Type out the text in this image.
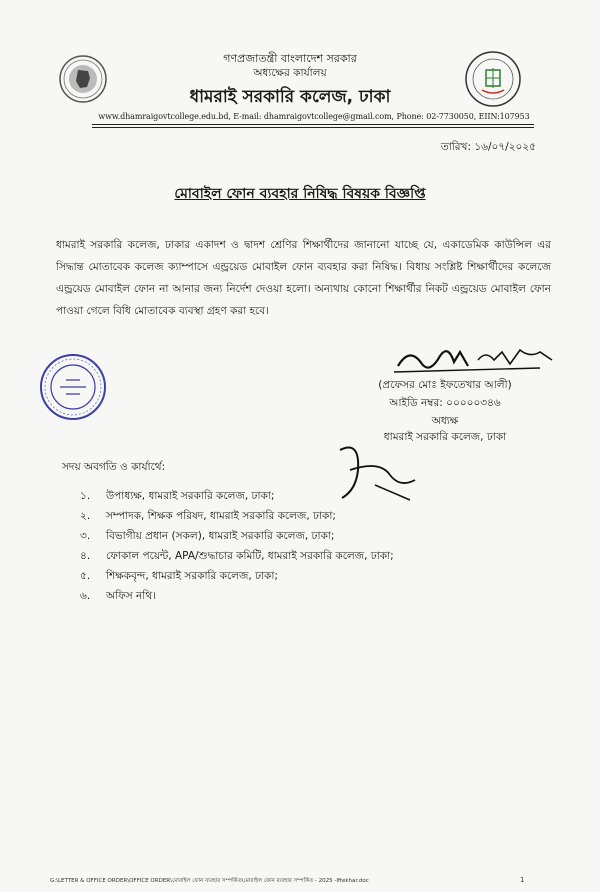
গণপ্রজাতন্ত্রী বাংলাদেশ সরকার
অধ্যক্ষের কার্যালয়
ধামরাই সরকারি কলেজ, ঢাকা
www.dhamraigovtcollege.edu.bd, E-mail: dhamraigovtcollege@gmail.com, Phone: 02-7730050, EIIN:107953
তারিখ: ১৬/০৭/২০২৫
মোবাইল ফোন ব্যবহার নিষিদ্ধ বিষয়ক বিজ্ঞপ্তি
ধামরাই সরকারি কলেজ, ঢাকার একাদশ ও দ্বাদশ শ্রেণির শিক্ষার্থীদের জানানো যাচ্ছে যে, একাডেমিক কাউন্সিল এর সিদ্ধান্ত মোতাবেক কলেজ ক্যাম্পাসে এন্ড্রয়েড মোবাইল ফোন ব্যবহার করা নিষিদ্ধ। বিধায় সংশ্লিষ্ট শিক্ষার্থীদের কলেজে এন্ড্রয়েড মোবাইল ফোন না আনার জন্য নির্দেশ দেওয়া হলো। অন্যথায় কোনো শিক্ষার্থীর নিকট এন্ড্রয়েড মোবাইল ফোন পাওয়া গেলে বিধি মোতাবেক ব্যবস্থা গ্রহণ করা হবে।
(প্রফেসর মোঃ ইফতেখার আলী)
আইডি নম্বর: ০০০০০৩৪৬
অধ্যক্ষ
ধামরাই সরকারি কলেজ, ঢাকা
সদয় অবগতি ও কার্যার্থে:
১. উপাধ্যক্ষ, ধামরাই সরকারি কলেজ, ঢাকা;
২. সম্পাদক, শিক্ষক পরিষদ, ধামরাই সরকারি কলেজ, ঢাকা;
৩. বিভাগীয় প্রধান (সকল), ধামরাই সরকারি কলেজ, ঢাকা;
৪. ফোকাল পয়েন্ট, APA/শুদ্ধাচার কমিটি, ধামরাই সরকারি কলেজ, ঢাকা;
৫. শিক্ষকবৃন্দ, ধামরাই সরকারি কলেজ, ঢাকা;
৬. অফিস নথি।
G:\LETTER & OFFICE ORDER\OFFICE ORDER\মোবাইল ফোন ব্যবহার সম্পর্কিত\মোবাইল ফোন ব্যবহার সম্পর্কিত - 2025 -Iftekhar.doc	1
